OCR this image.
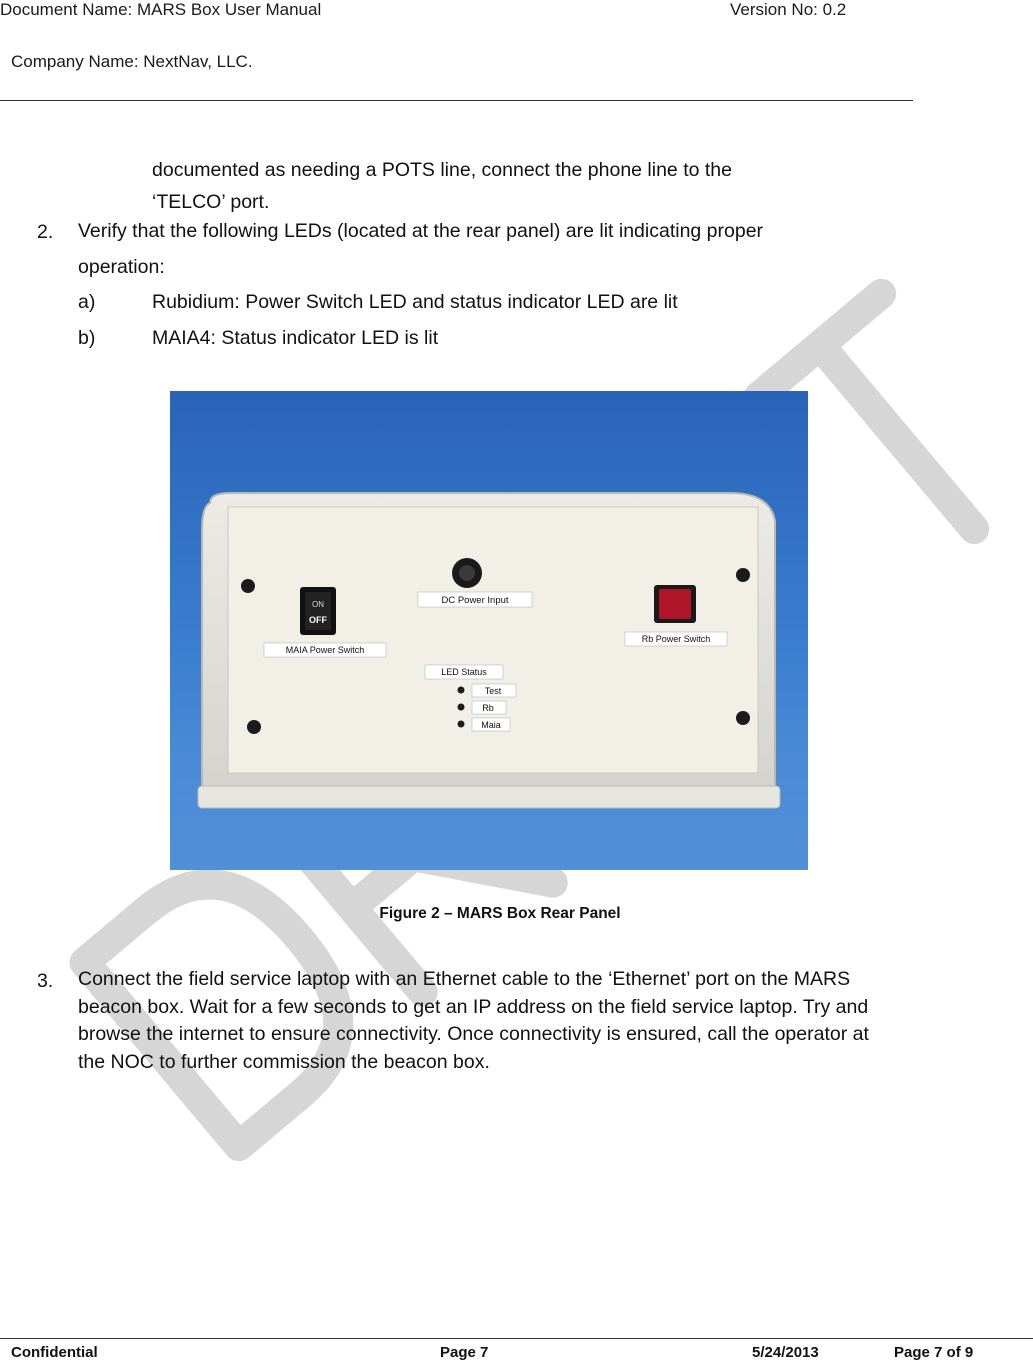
Document Name: MARS Box User Manual	Version No: 0.2
Company Name: NextNav, LLC.
documented as needing a POTS line, connect the phone line to the
‘TELCO’ port.
2. Verify that the following LEDs (located at the rear panel) are lit indicating proper
operation:
a)	Rubidium: Power Switch LED and status indicator LED are lit
b)	MAIA4: Status indicator LED is lit
DC Power Input
ON
OFF
MAIA Power Switch
Rb Power Switch
LED Status
Test
Rb
Maia
Figure 2 – MARS Box Rear Panel
3. Connect the field service laptop with an Ethernet cable to the ‘Ethernet’ port on the MARS beacon box. Wait for a few seconds to get an IP address on the field service laptop. Try and browse the internet to ensure connectivity. Once connectivity is ensured, call the operator at the NOC to further commission the beacon box.
Confidential	Page 7	5/24/2013	Page 7 of 9
